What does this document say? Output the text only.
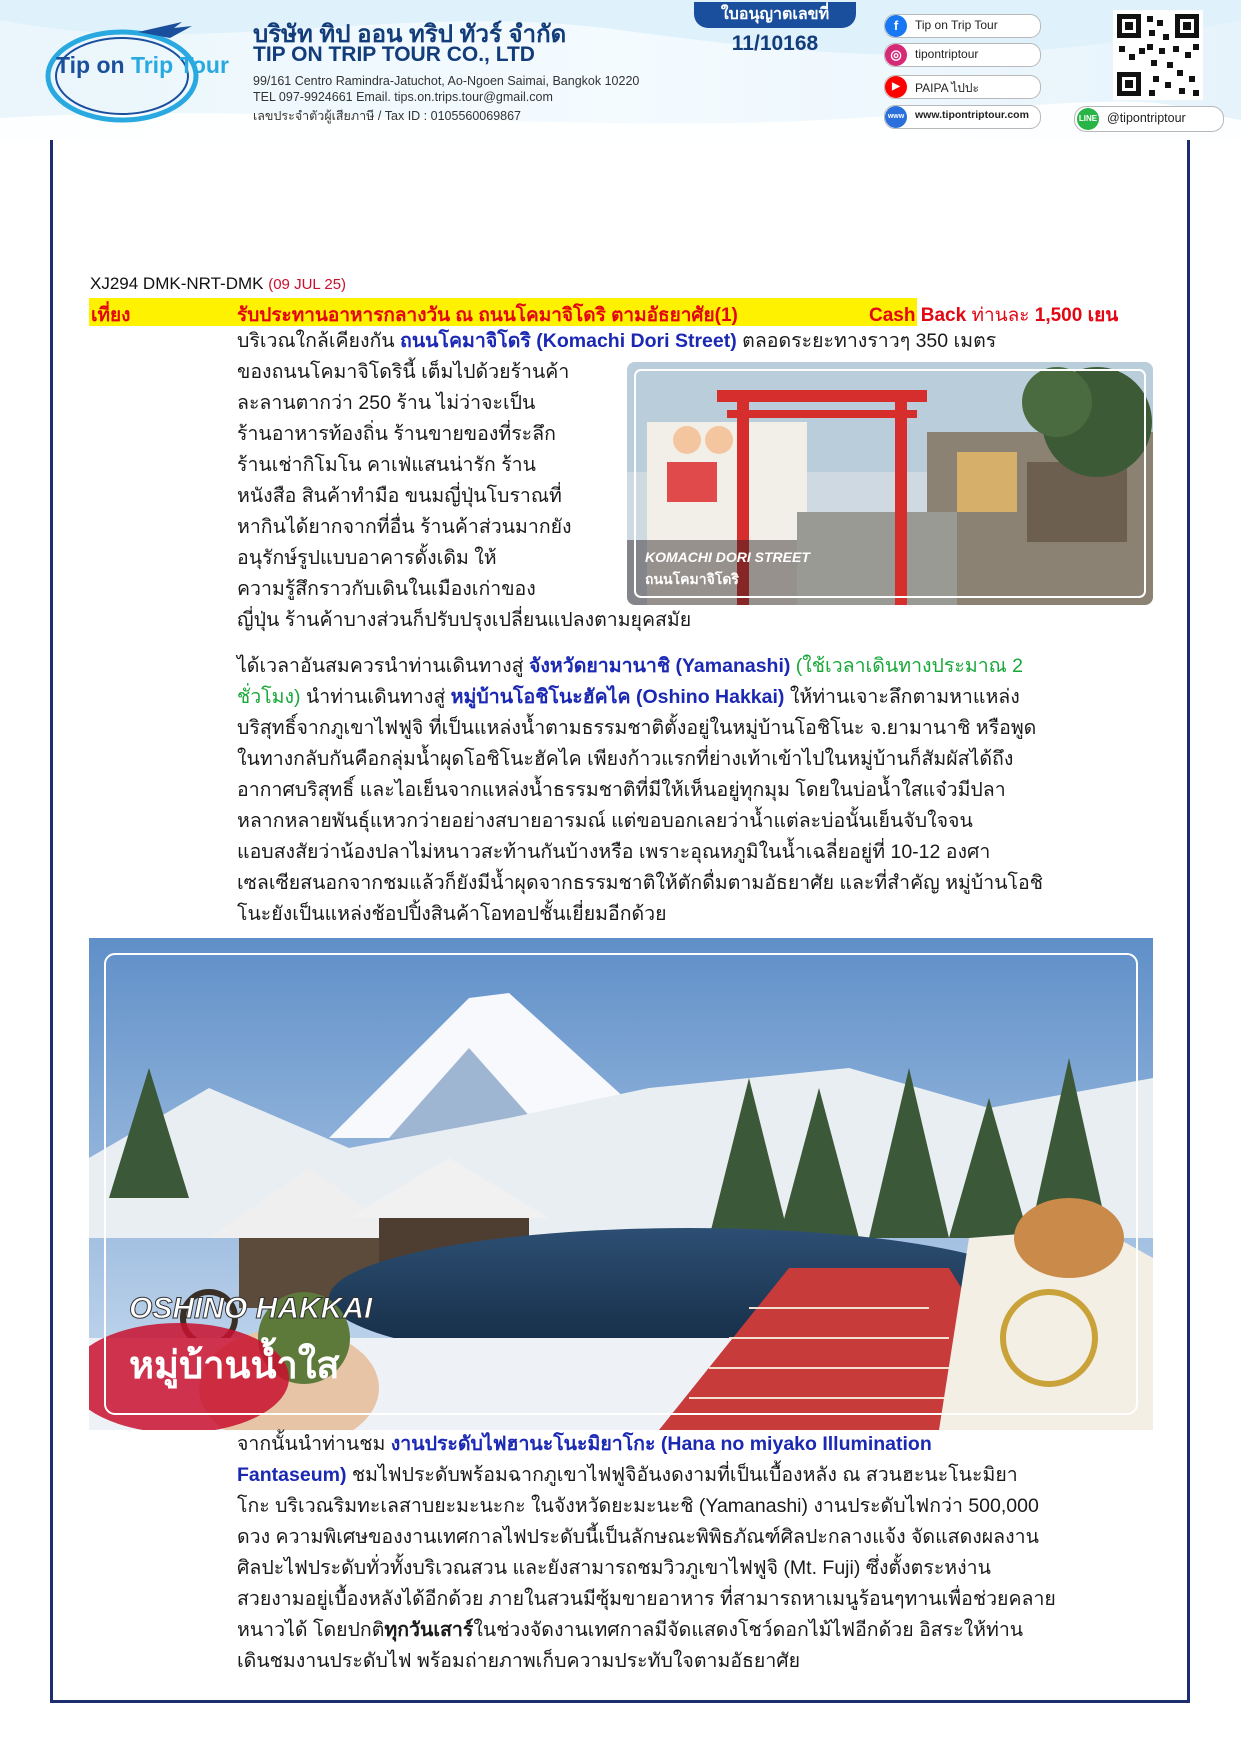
Tip on Trip Tour
บริษัท ทิป ออน ทริป ทัวร์ จำกัด
TIP ON TRIP TOUR CO., LTD
99/161 Centro Ramindra-Jatuchot, Ao-Ngoen Saimai, Bangkok 10220
TEL 097-9924661 Email. tips.on.trips.tour@gmail.com
เลขประจำตัวผู้เสียภาษี / Tax ID : 0105560069867
ใบอนุญาตเลขที่
11/10168
f	Tip on Trip Tour
◎	tipontriptour
▶	PAIPA ไปปะ
www www.tipontriptour.com	LINE @tipontriptour
XJ294 DMK-NRT-DMK (09 JUL 25)
เที่ยง	รับประทานอาหารกลางวัน ณ ถนนโคมาจิโดริ ตามอัธยาศัย(1)	Cash Back ท่านละ 1,500 เยน
บริเวณใกล้เคียงกัน ถนนโคมาจิโดริ (Komachi Dori Street) ตลอดระยะทางราวๆ 350 เมตร
ของถนนโคมาจิโดรินี้ เต็มไปด้วยร้านค้า
ละลานตากว่า 250 ร้าน ไม่ว่าจะเป็น
ร้านอาหารท้องถิ่น ร้านขายของที่ระลึก
ร้านเช่ากิโมโน คาเฟ่แสนน่ารัก ร้าน
หนังสือ สินค้าทำมือ ขนมญี่ปุ่นโบราณที่
หากินได้ยากจากที่อื่น ร้านค้าส่วนมากยัง
อนุรักษ์รูปแบบอาคารดั้งเดิม ให้
ความรู้สึกราวกับเดินในเมืองเก่าของ
ญี่ปุ่น ร้านค้าบางส่วนก็ปรับปรุงเปลี่ยนแปลงตามยุคสมัย
KOMACHI DORI STREET
ถนนโคมาจิโดริ
ได้เวลาอันสมควรนำท่านเดินทางสู่ จังหวัดยามานาชิ (Yamanashi) (ใช้เวลาเดินทางประมาณ 2
ชั่วโมง) นำท่านเดินทางสู่ หมู่บ้านโอชิโนะฮัคไค (Oshino Hakkai) ให้ท่านเจาะลึกตามหาแหล่ง
บริสุทธิ์จากภูเขาไฟฟูจิ ที่เป็นแหล่งน้ำตามธรรมชาติตั้งอยู่ในหมู่บ้านโอชิโนะ จ.ยามานาชิ หรือพูด
ในทางกลับกันคือกลุ่มน้ำผุดโอชิโนะฮัคไค เพียงก้าวแรกที่ย่างเท้าเข้าไปในหมู่บ้านก็สัมผัสได้ถึง
อากาศบริสุทธิ์ และไอเย็นจากแหล่งน้ำธรรมชาติที่มีให้เห็นอยู่ทุกมุม โดยในบ่อน้ำใสแจ๋วมีปลา
หลากหลายพันธุ์แหวกว่ายอย่างสบายอารมณ์ แต่ขอบอกเลยว่าน้ำแต่ละบ่อนั้นเย็นจับใจจน
แอบสงสัยว่าน้องปลาไม่หนาวสะท้านกันบ้างหรือ เพราะอุณหภูมิในน้ำเฉลี่ยอยู่ที่ 10-12 องศา
เซลเซียสนอกจากชมแล้วก็ยังมีน้ำผุดจากธรรมชาติให้ตักดื่มตามอัธยาศัย และที่สำคัญ หมู่บ้านโอชิ
โนะยังเป็นแหล่งช้อปปิ้งสินค้าโอทอปชั้นเยี่ยมอีกด้วย
OSHINO HAKKAI
หมู่บ้านน้ำใส
จากนั้นนำท่านชม งานประดับไฟฮานะโนะมิยาโกะ (Hana no miyako Illumination
Fantaseum) ชมไฟประดับพร้อมฉากภูเขาไฟฟูจิอันงดงามที่เป็นเบื้องหลัง ณ สวนฮะนะโนะมิยา
โกะ บริเวณริมทะเลสาบยะมะนะกะ ในจังหวัดยะมะนะชิ (Yamanashi) งานประดับไฟกว่า 500,000
ดวง ความพิเศษของงานเทศกาลไฟประดับนี้เป็นลักษณะพิพิธภัณฑ์ศิลปะกลางแจ้ง จัดแสดงผลงาน
ศิลปะไฟประดับทั่วทั้งบริเวณสวน และยังสามารถชมวิวภูเขาไฟฟูจิ (Mt. Fuji) ซึ่งตั้งตระหง่าน
สวยงามอยู่เบื้องหลังได้อีกด้วย ภายในสวนมีซุ้มขายอาหาร ที่สามารถหาเมนูร้อนๆทานเพื่อช่วยคลาย
หนาวได้ โดยปกติทุกวันเสาร์ในช่วงจัดงานเทศกาลมีจัดแสดงโชว์ดอกไม้ไฟอีกด้วย อิสระให้ท่าน
เดินชมงานประดับไฟ พร้อมถ่ายภาพเก็บความประทับใจตามอัธยาศัย
